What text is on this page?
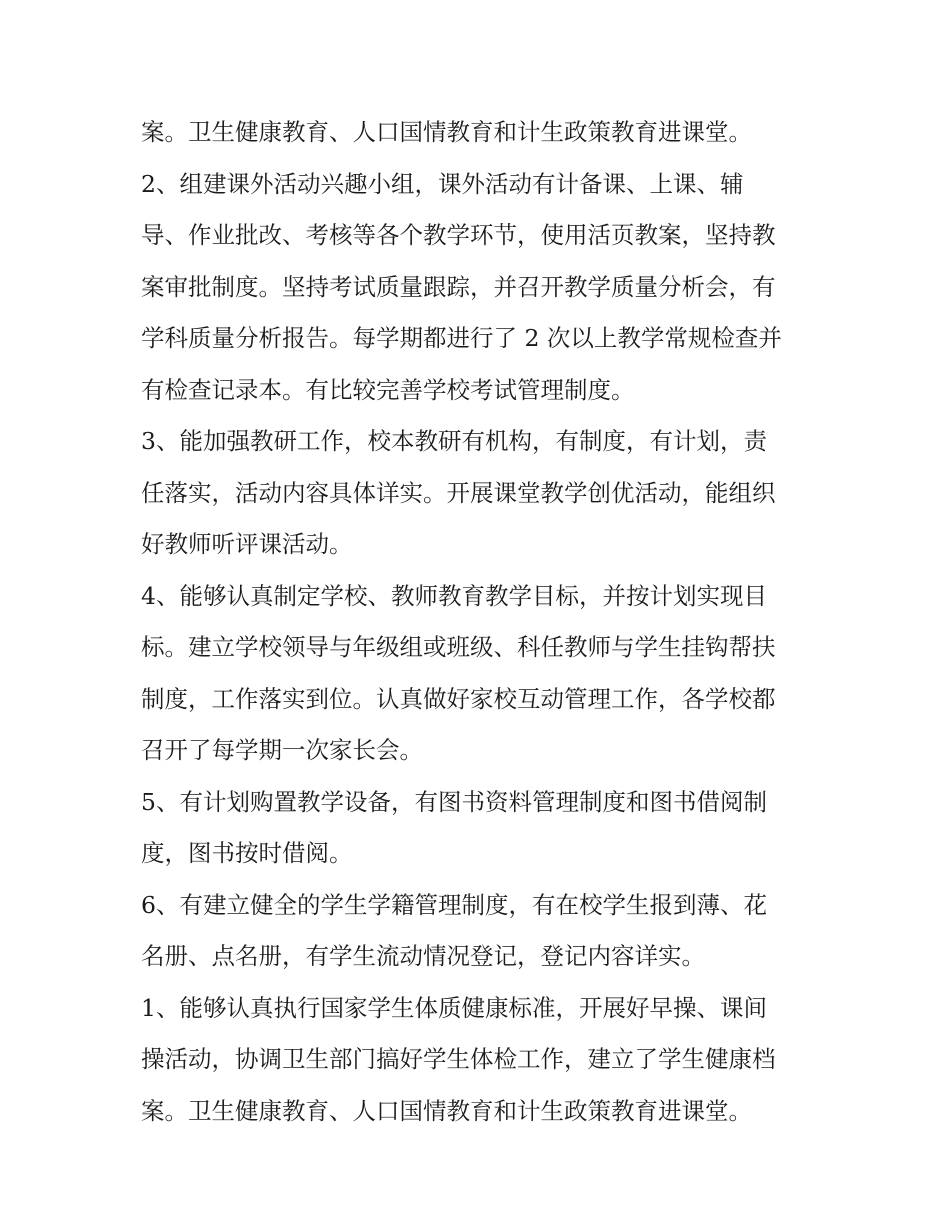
案。卫生健康教育、人口国情教育和计生政策教育进课堂。
2、组建课外活动兴趣小组，课外活动有计备课、上课、辅
导、作业批改、考核等各个教学环节，使用活页教案，坚持教
案审批制度。坚持考试质量跟踪，并召开教学质量分析会，有
学科质量分析报告。每学期都进行了 2 次以上教学常规检查并
有检查记录本。有比较完善学校考试管理制度。
3、能加强教研工作，校本教研有机构，有制度，有计划，责
任落实，活动内容具体详实。开展课堂教学创优活动，能组织
好教师听评课活动。
4、能够认真制定学校、教师教育教学目标，并按计划实现目
标。建立学校领导与年级组或班级、科任教师与学生挂钩帮扶
制度，工作落实到位。认真做好家校互动管理工作，各学校都
召开了每学期一次家长会。
5、有计划购置教学设备，有图书资料管理制度和图书借阅制
度，图书按时借阅。
6、有建立健全的学生学籍管理制度，有在校学生报到薄、花
名册、点名册，有学生流动情况登记，登记内容详实。
1、能够认真执行国家学生体质健康标准，开展好早操、课间
操活动，协调卫生部门搞好学生体检工作，建立了学生健康档
案。卫生健康教育、人口国情教育和计生政策教育进课堂。
